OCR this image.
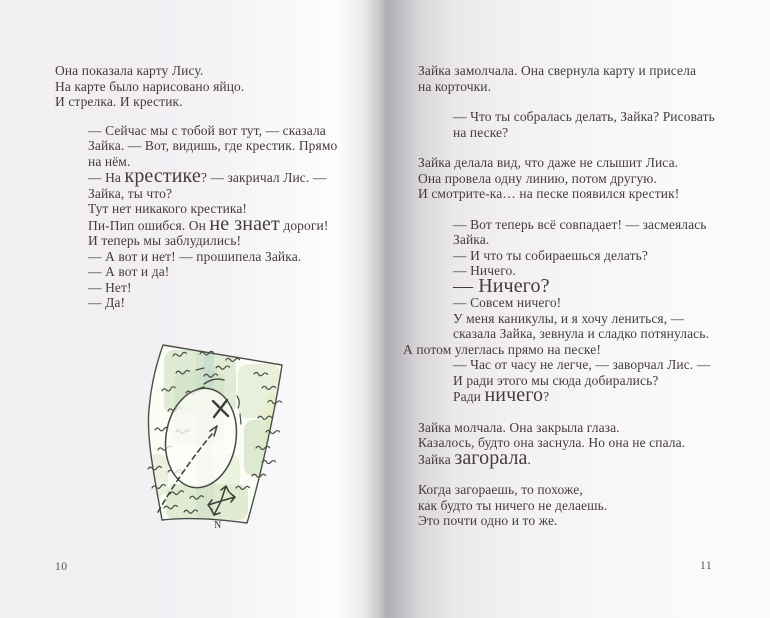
Она показала карту Лису.
На карте было нарисовано яйцо.
И стрелка. И крестик.
— Сейчас мы с тобой вот тут, — сказала
Зайка. — Вот, видишь, где крестик. Прямо
на нём.
— На крестике? — закричал Лис. —
Зайка, ты что?
Тут нет никакого крестика!
Пи-Пип ошибся. Он не знает дороги!
И теперь мы заблудились!
— А вот и нет! — прошипела Зайка.
— А вот и да!
— Нет!
— Да!
Зайка замолчала. Она свернула карту и присела
на корточки.
— Что ты собралась делать, Зайка? Рисовать
на песке?
Зайка делала вид, что даже не слышит Лиса.
Она провела одну линию, потом другую.
И смотрите-ка… на песке появился крестик!
— Вот теперь всё совпадает! — засмеялась
Зайка.
— И что ты собираешься делать?
— Ничего.
— Ничего?
— Совсем ничего!
У меня каникулы, и я хочу лениться, —
сказала Зайка, зевнула и сладко потянулась.
А потом улеглась прямо на песке!
— Час от часу не легче, — заворчал Лис. —
И ради этого мы сюда добирались?
Ради ничего?
Зайка молчала. Она закрыла глаза.
Казалось, будто она заснула. Но она не спала.
Зайка загорала.
Когда загораешь, то похоже,
как будто ты ничего не делаешь.
Это почти одно и то же.
N
10	11
